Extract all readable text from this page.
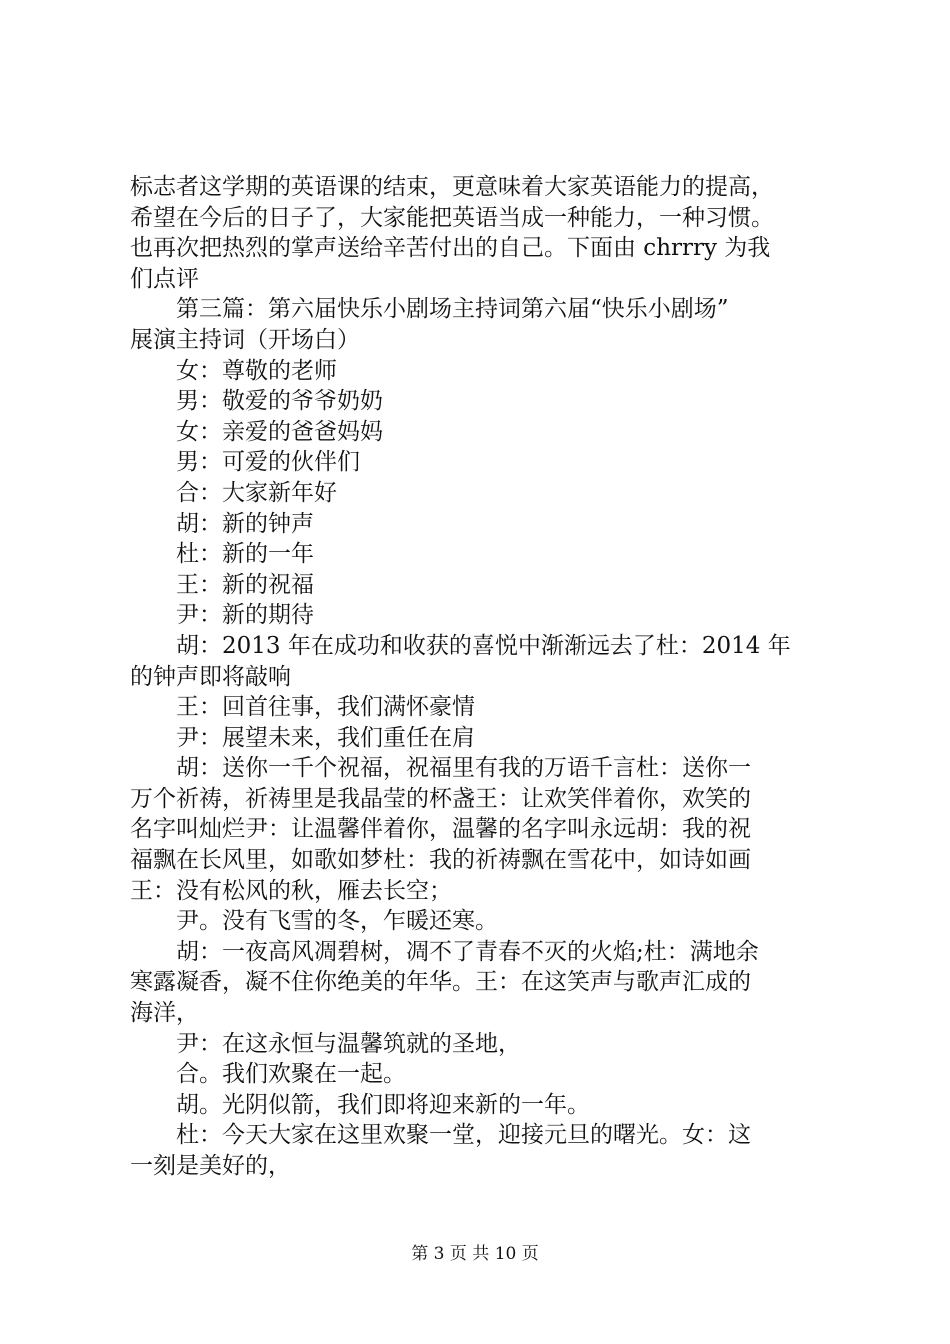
标志者这学期的英语课的结束，更意味着大家英语能力的提高，
希望在今后的日子了，大家能把英语当成一种能力，一种习惯。
也再次把热烈的掌声送给辛苦付出的自己。下面由 chrrry 为我
们点评
第三篇：第六届快乐小剧场主持词第六届“快乐小剧场”
展演主持词（开场白）
女：尊敬的老师
男：敬爱的爷爷奶奶
女：亲爱的爸爸妈妈
男：可爱的伙伴们
合：大家新年好
胡：新的钟声
杜：新的一年
王：新的祝福
尹：新的期待
胡：2013 年在成功和收获的喜悦中渐渐远去了杜：2014 年
的钟声即将敲响
王：回首往事，我们满怀豪情
尹：展望未来，我们重任在肩
胡：送你一千个祝福，祝福里有我的万语千言杜：送你一
万个祈祷，祈祷里是我晶莹的杯盏王：让欢笑伴着你，欢笑的
名字叫灿烂尹：让温馨伴着你，温馨的名字叫永远胡：我的祝
福飘在长风里，如歌如梦杜：我的祈祷飘在雪花中，如诗如画
王：没有松风的秋，雁去长空；
尹。没有飞雪的冬，乍暖还寒。
胡：一夜高风凋碧树，凋不了青春不灭的火焰;杜：满地余
寒露凝香，凝不住你绝美的年华。王：在这笑声与歌声汇成的
海洋，
尹：在这永恒与温馨筑就的圣地，
合。我们欢聚在一起。
胡。光阴似箭，我们即将迎来新的一年。
杜：今天大家在这里欢聚一堂，迎接元旦的曙光。女：这
一刻是美好的，
第 3 页 共 10 页
